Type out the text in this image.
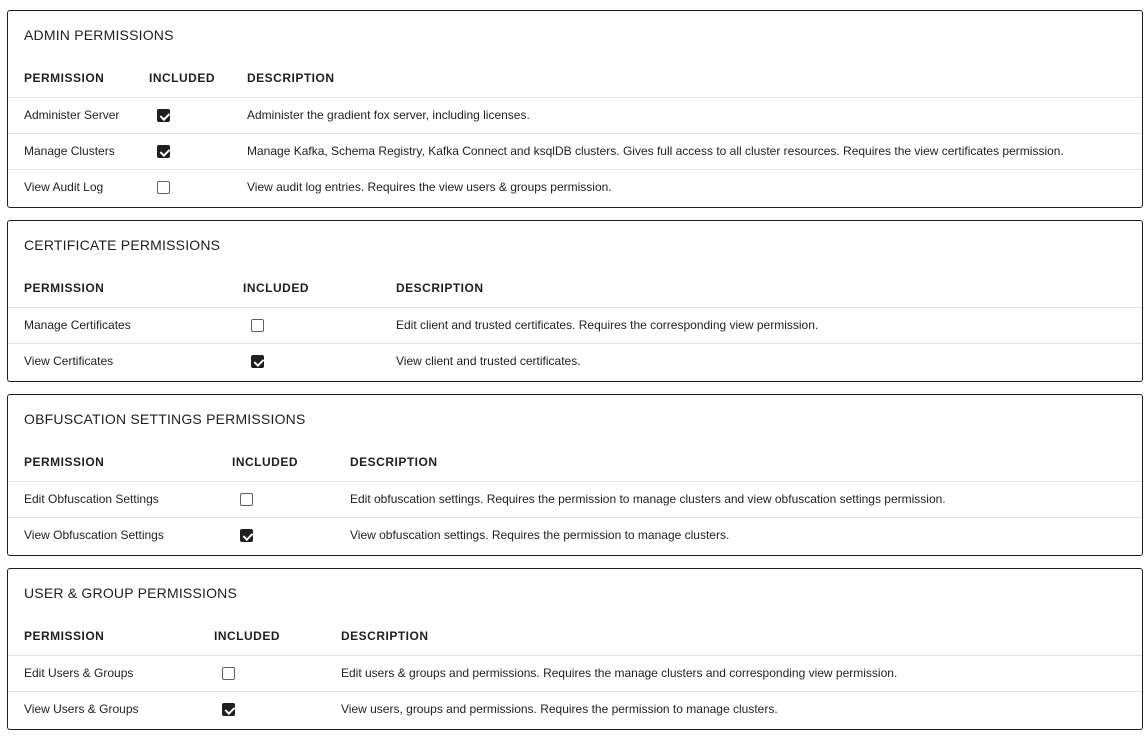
ADMIN PERMISSIONS
PERMISSION	INCLUDED	DESCRIPTION
Administer Server		Administer the gradient fox server, including licenses.
Manage Clusters		Manage Kafka, Schema Registry, Kafka Connect and ksqlDB clusters. Gives full access to all cluster resources. Requires the view certificates permission.
View Audit Log		View audit log entries. Requires the view users & groups permission.
CERTIFICATE PERMISSIONS
PERMISSION	INCLUDED	DESCRIPTION
Manage Certificates		Edit client and trusted certificates. Requires the corresponding view permission.
View Certificates		View client and trusted certificates.
OBFUSCATION SETTINGS PERMISSIONS
PERMISSION	INCLUDED	DESCRIPTION
Edit Obfuscation Settings		Edit obfuscation settings. Requires the permission to manage clusters and view obfuscation settings permission.
View Obfuscation Settings		View obfuscation settings. Requires the permission to manage clusters.
USER & GROUP PERMISSIONS
PERMISSION	INCLUDED	DESCRIPTION
Edit Users & Groups		Edit users & groups and permissions. Requires the manage clusters and corresponding view permission.
View Users & Groups		View users, groups and permissions. Requires the permission to manage clusters.
